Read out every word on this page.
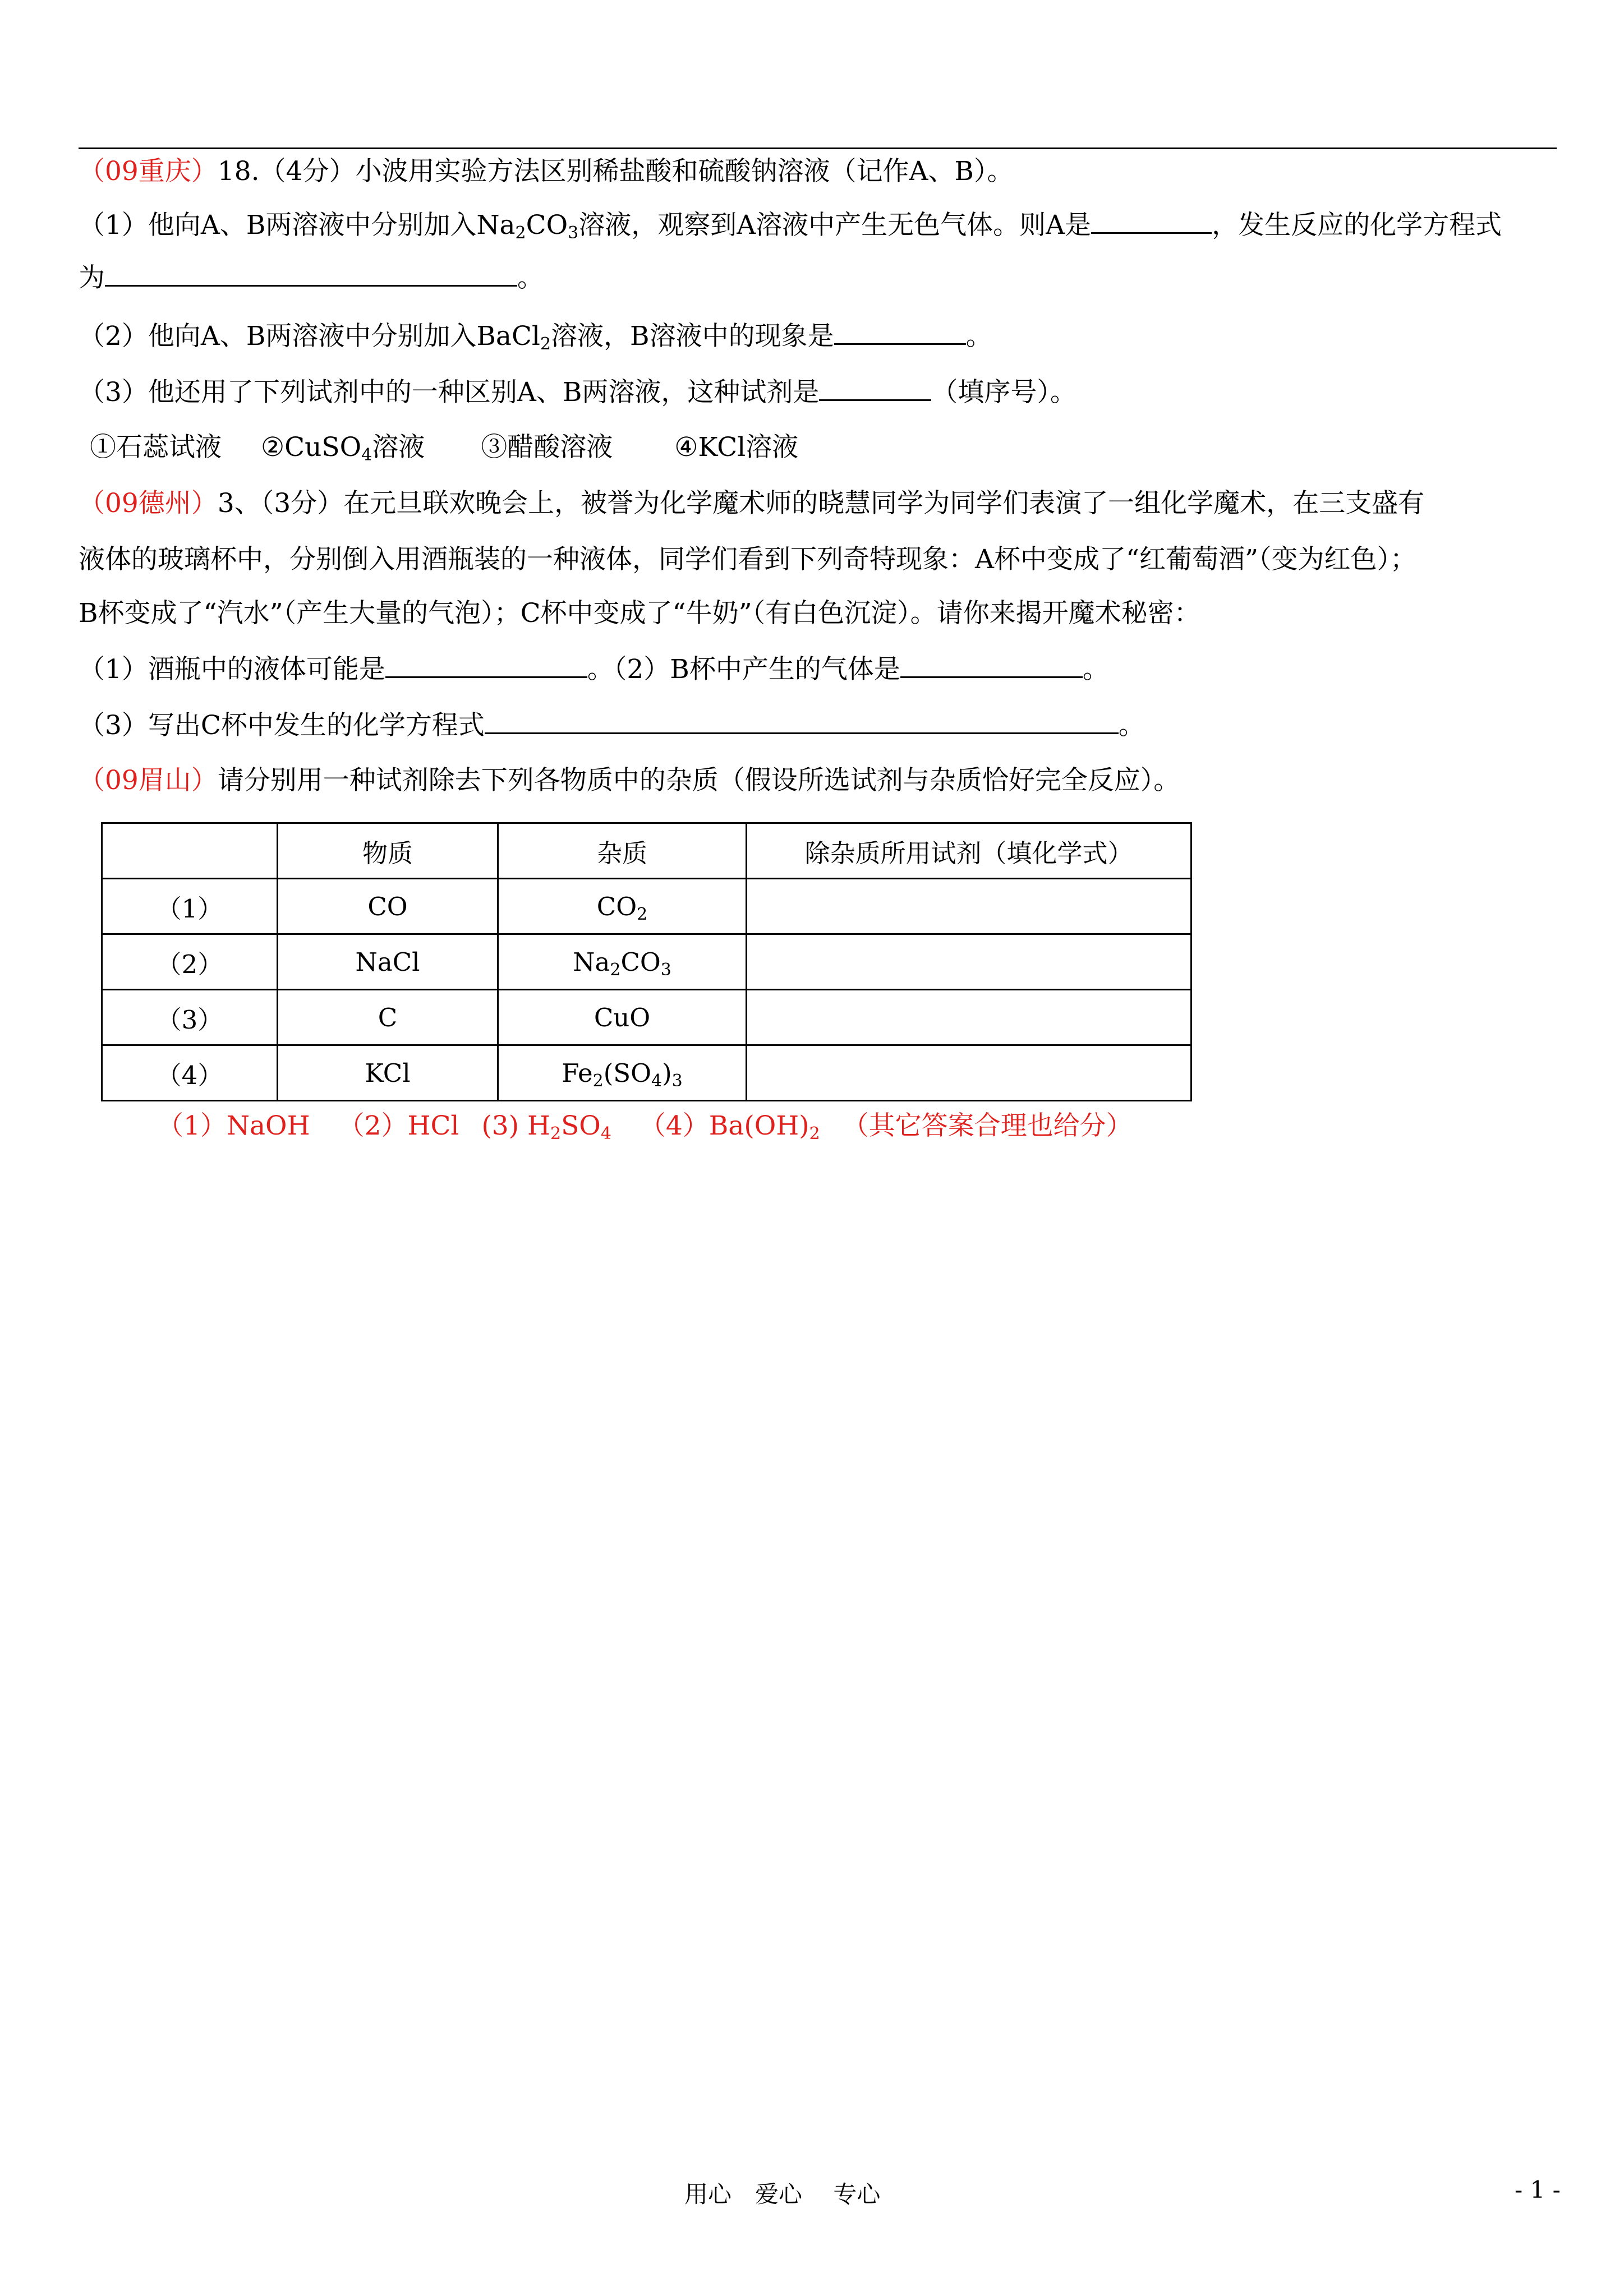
（09重庆）18.（4分）小波用实验方法区别稀盐酸和硫酸钠溶液（记作A、B）。
（1）他向A、B两溶液中分别加入$Na_2CO_3$溶液，观察到A溶液中产生无色气体。则A是	，发生反应的化学方程式
为	。
（2）他向A、B两溶液中分别加入BaCl$_2$溶液，B溶液中的现象是	。
（3）他还用了下列试剂中的一种区别A、B两溶液，这种试剂是	（填序号）。
①石蕊试液 ②CuSO$_4$溶液 ③醋酸溶液 ④KCl溶液
（09德州）3、（3分）在元旦联欢晚会上，被誉为化学魔术师的晓慧同学为同学们表演了一组化学魔术，在三支盛有
液体的玻璃杯中，分别倒入用酒瓶装的一种液体，同学们看到下列奇特现象：A杯中变成了“红葡萄酒”（变为红色）；
B杯变成了“汽水”（产生大量的气泡）；C杯中变成了“牛奶”（有白色沉淀）。请你来揭开魔术秘密：
（1）酒瓶中的液体可能是	。（2）B杯中产生的气体是	。
（3）写出C杯中发生的化学方程式	。
（09眉山）请分别用一种试剂除去下列各物质中的杂质（假设所选试剂与杂质恰好完全反应）。
	物质	杂质	除杂质所用试剂（填化学式）
（1）	CO	$CO_2$	
（2）	NaCl	$Na_2CO_3$	
（3）	C	CuO	
（4）	KCl	$Fe_2(SO_4)_3$	
（1）NaOH （2）HCl (3) $H_2SO_4$ $(4)Ba(OH)_2$ （其它答案合理也给分）
用心　爱心　 专心	- 1 -
